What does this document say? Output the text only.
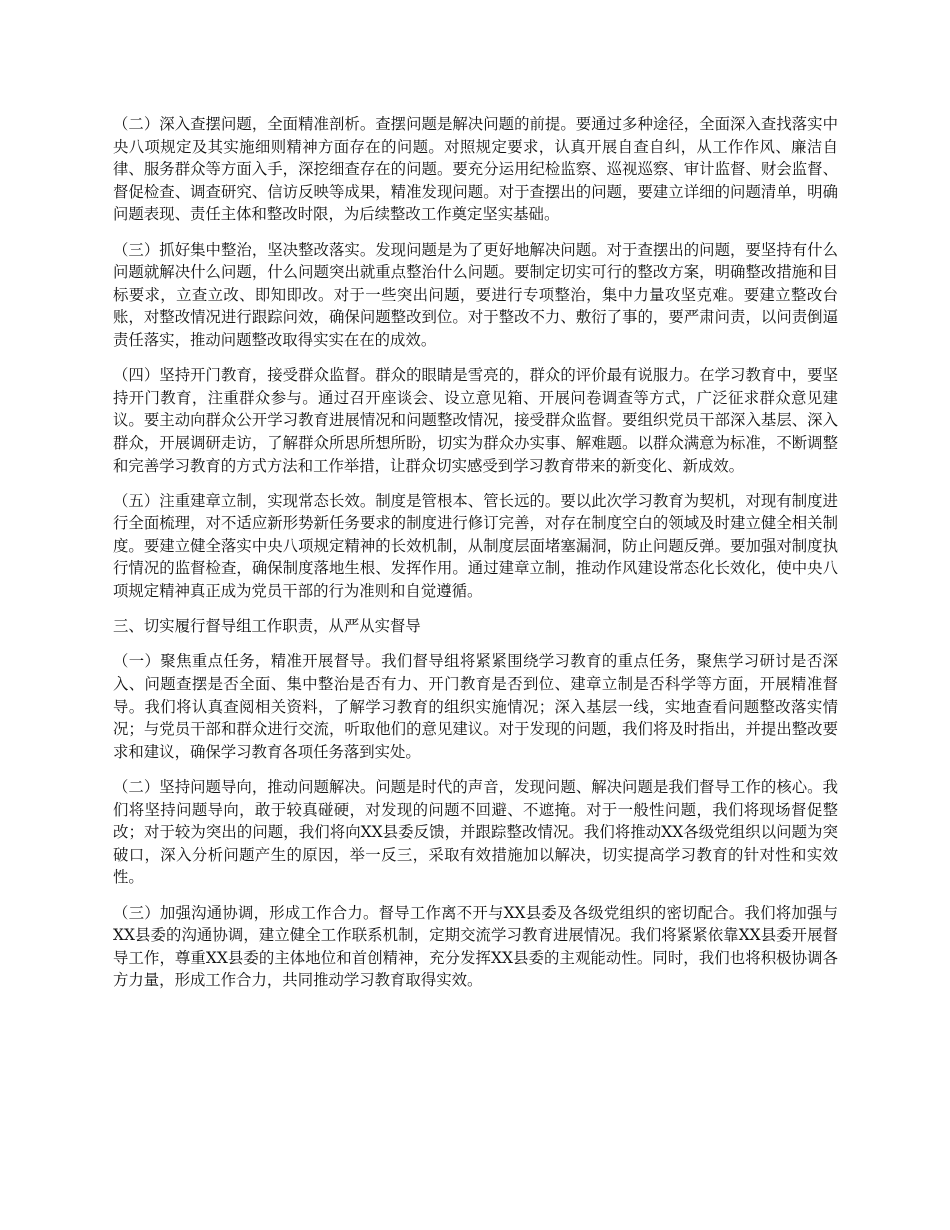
（二）深入查摆问题，全面精准剖析。查摆问题是解决问题的前提。要通过多种途径，全面深入查找落实中央八项规定及其实施细则精神方面存在的问题。对照规定要求，认真开展自查自纠，从工作作风、廉洁自律、服务群众等方面入手，深挖细查存在的问题。要充分运用纪检监察、巡视巡察、审计监督、财会监督、督促检查、调查研究、信访反映等成果，精准发现问题。对于查摆出的问题，要建立详细的问题清单，明确问题表现、责任主体和整改时限，为后续整改工作奠定坚实基础。

（三）抓好集中整治，坚决整改落实。发现问题是为了更好地解决问题。对于查摆出的问题，要坚持有什么问题就解决什么问题，什么问题突出就重点整治什么问题。要制定切实可行的整改方案，明确整改措施和目标要求，立查立改、即知即改。对于一些突出问题，要进行专项整治，集中力量攻坚克难。要建立整改台账，对整改情况进行跟踪问效，确保问题整改到位。对于整改不力、敷衍了事的，要严肃问责，以问责倒逼责任落实，推动问题整改取得实实在在的成效。

（四）坚持开门教育，接受群众监督。群众的眼睛是雪亮的，群众的评价最有说服力。在学习教育中，要坚持开门教育，注重群众参与。通过召开座谈会、设立意见箱、开展问卷调查等方式，广泛征求群众意见建议。要主动向群众公开学习教育进展情况和问题整改情况，接受群众监督。要组织党员干部深入基层、深入群众，开展调研走访，了解群众所思所想所盼，切实为群众办实事、解难题。以群众满意为标准，不断调整和完善学习教育的方式方法和工作举措，让群众切实感受到学习教育带来的新变化、新成效。

（五）注重建章立制，实现常态长效。制度是管根本、管长远的。要以此次学习教育为契机，对现有制度进行全面梳理，对不适应新形势新任务要求的制度进行修订完善，对存在制度空白的领域及时建立健全相关制度。要建立健全落实中央八项规定精神的长效机制，从制度层面堵塞漏洞，防止问题反弹。要加强对制度执行情况的监督检查，确保制度落地生根、发挥作用。通过建章立制，推动作风建设常态化长效化，使中央八项规定精神真正成为党员干部的行为准则和自觉遵循。

三、切实履行督导组工作职责，从严从实督导

（一）聚焦重点任务，精准开展督导。我们督导组将紧紧围绕学习教育的重点任务，聚焦学习研讨是否深入、问题查摆是否全面、集中整治是否有力、开门教育是否到位、建章立制是否科学等方面，开展精准督导。我们将认真查阅相关资料，了解学习教育的组织实施情况；深入基层一线，实地查看问题整改落实情况；与党员干部和群众进行交流，听取他们的意见建议。对于发现的问题，我们将及时指出，并提出整改要求和建议，确保学习教育各项任务落到实处。

（二）坚持问题导向，推动问题解决。问题是时代的声音，发现问题、解决问题是我们督导工作的核心。我们将坚持问题导向，敢于较真碰硬，对发现的问题不回避、不遮掩。对于一般性问题，我们将现场督促整改；对于较为突出的问题，我们将向XX县委反馈，并跟踪整改情况。我们将推动XX各级党组织以问题为突破口，深入分析问题产生的原因，举一反三，采取有效措施加以解决，切实提高学习教育的针对性和实效性。

（三）加强沟通协调，形成工作合力。督导工作离不开与XX县委及各级党组织的密切配合。我们将加强与XX县委的沟通协调，建立健全工作联系机制，定期交流学习教育进展情况。我们将紧紧依靠XX县委开展督导工作，尊重XX县委的主体地位和首创精神，充分发挥XX县委的主观能动性。同时，我们也将积极协调各方力量，形成工作合力，共同推动学习教育取得实效。
